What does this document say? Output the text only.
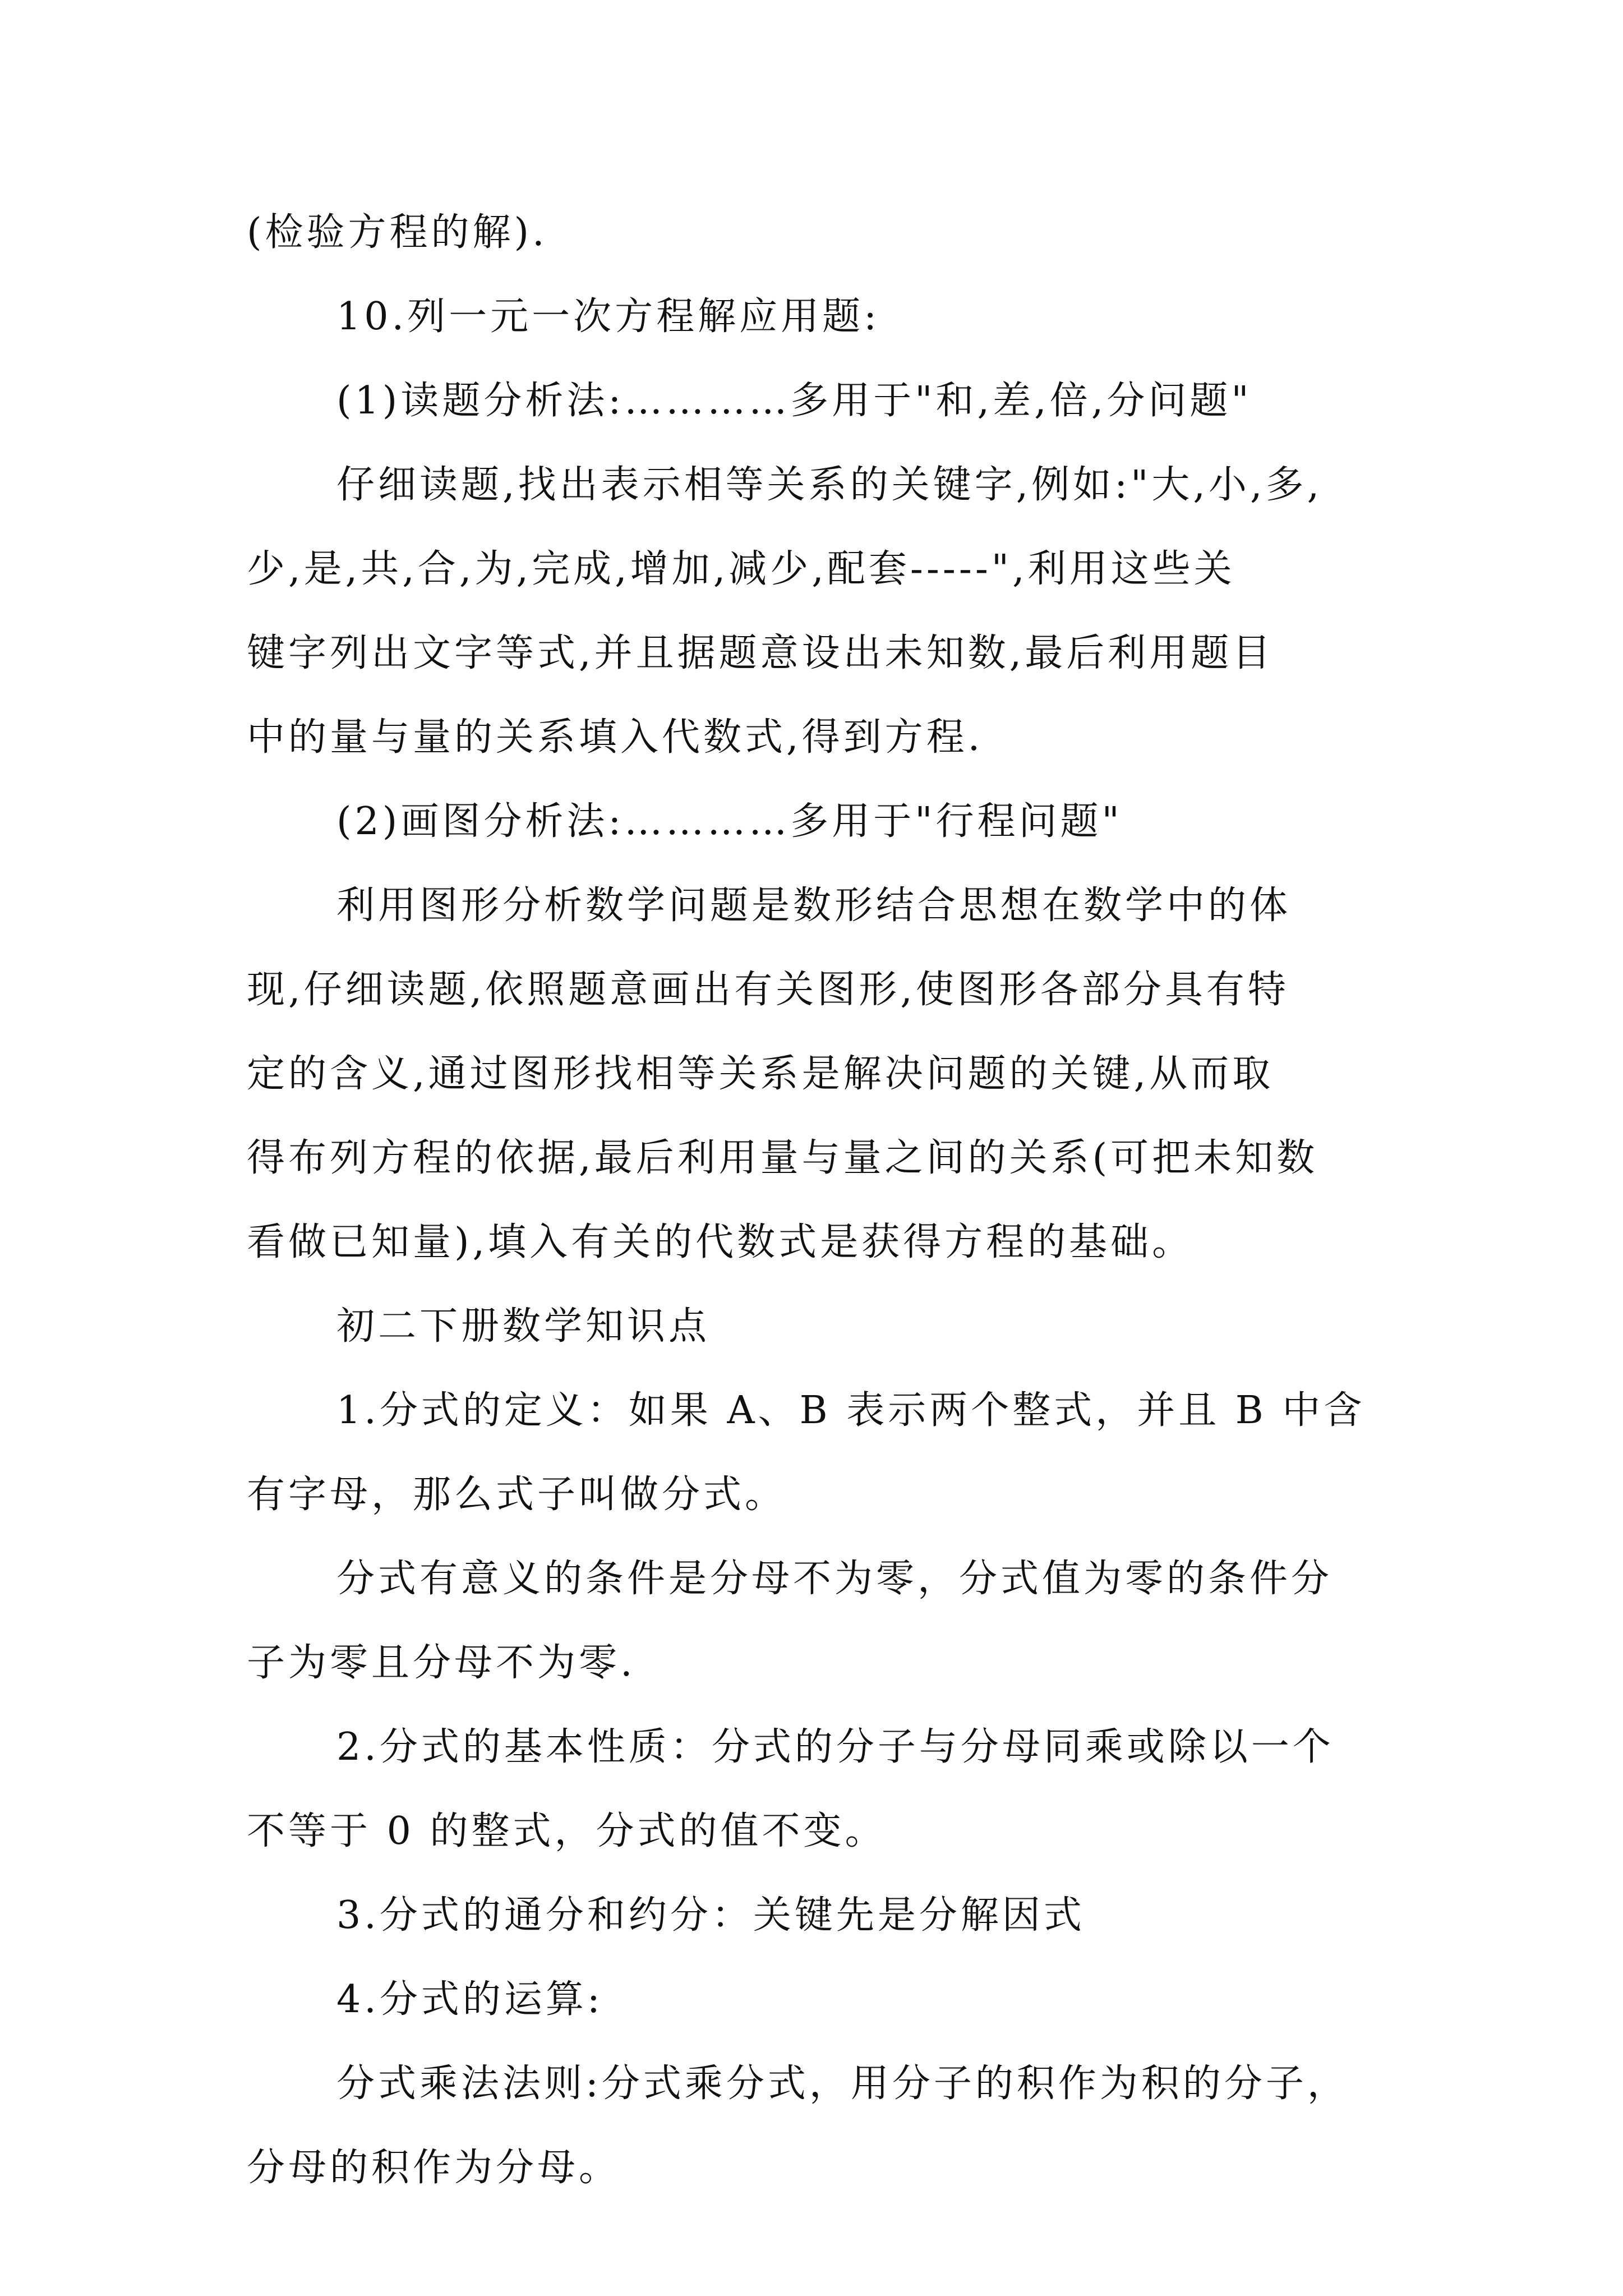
(检验方程的解).
10.列一元一次方程解应用题:
(1)读题分析法:…………多用于"和,差,倍,分问题"
仔细读题,找出表示相等关系的关键字,例如:"大,小,多,
少,是,共,合,为,完成,增加,减少,配套-----",利用这些关
键字列出文字等式,并且据题意设出未知数,最后利用题目
中的量与量的关系填入代数式,得到方程.
(2)画图分析法:…………多用于"行程问题"
利用图形分析数学问题是数形结合思想在数学中的体
现,仔细读题,依照题意画出有关图形,使图形各部分具有特
定的含义,通过图形找相等关系是解决问题的关键,从而取
得布列方程的依据,最后利用量与量之间的关系(可把未知数
看做已知量),填入有关的代数式是获得方程的基础。
初二下册数学知识点
1.分式的定义：如果 A、B 表示两个整式，并且 B 中含
有字母，那么式子叫做分式。
分式有意义的条件是分母不为零，分式值为零的条件分
子为零且分母不为零.
2.分式的基本性质：分式的分子与分母同乘或除以一个
不等于 0 的整式，分式的值不变。
3.分式的通分和约分：关键先是分解因式
4.分式的运算:
分式乘法法则:分式乘分式，用分子的积作为积的分子，
分母的积作为分母。
